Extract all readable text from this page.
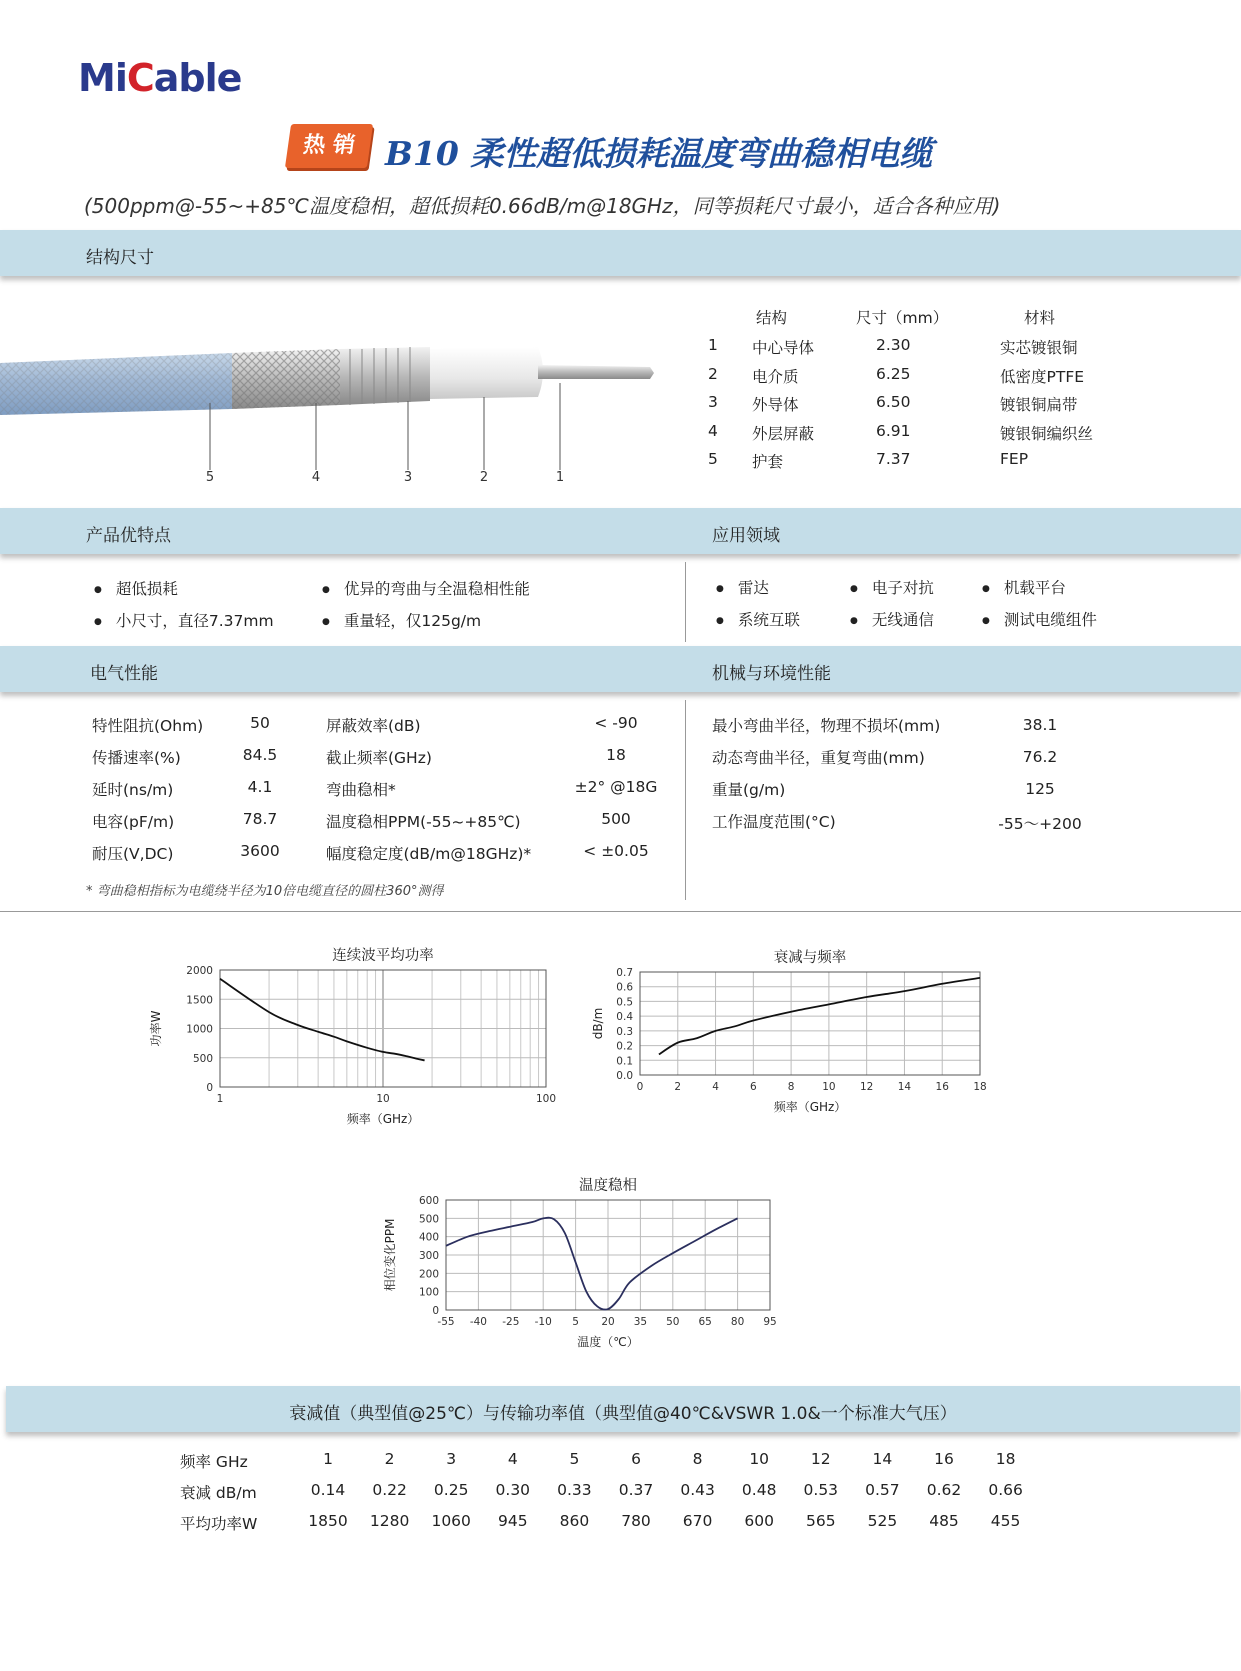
MiCable
热 销 B10 柔性超低损耗温度弯曲稳相电缆
(500ppm@-55~+85℃温度稳相，超低损耗0.66dB/m@18GHz，同等损耗尺寸最小，适合各种应用)
结构尺寸
5	4	3	2	1
结构	尺寸（mm）	材料
1 中心导体	2.30	实芯镀银铜
2 电介质	6.25	低密度PTFE
3 外导体	6.50	镀银铜扁带
4 外层屏蔽	6.91	镀银铜编织丝
5 护套	7.37	FEP
产品优特点	应用领域
● 超低损耗	● 优异的弯曲与全温稳相性能
● 小尺寸，直径7.37mm	● 重量轻，仅125g/m
● 雷达	● 电子对抗	● 机载平台
● 系统互联	● 无线通信	● 测试电缆组件
电气性能	机械与环境性能
特性阻抗(Ohm)	50
传播速率(%)	84.5
延时(ns/m)	4.1
电容(pF/m)	78.7
耐压(V,DC)	3600
屏蔽效率(dB)	< -90
截止频率(GHz)	18
弯曲稳相*	±2° @18G
温度稳相PPM(-55~+85℃)	500
幅度稳定度(dB/m@18GHz)*	< ±0.05
最小弯曲半径，物理不损坏(mm)	38.1
动态弯曲半径，重复弯曲(mm)	76.2
重量(g/m)	125
工作温度范围(°C)	-55～+200
* 弯曲稳相指标为电缆绕半径为10倍电缆直径的圆柱360°测得
1	10	100
0
500
1000
1500
2000
连续波平均功率
频率（GHz）
功率W
0	2	4	6	8	10 12 14 16 18
0.0
0.1
0.2
0.3
0.4
0.5
0.6
0.7
衰减与频率
频率（GHz）
dB/m
-55 -40 -25 -10 5 20 35 50 65 80 95
0
100
200
300
400
500
600
温度稳相
温度（℃）
相位变化PPM
衰减值（典型值@25℃）与传输功率值（典型值@40℃&VSWR 1.0&一个标准大气压）
频率 GHz	1	2	3	4	5	6	8	10	12	14	16	18
衰减 dB/m	0.14	0.22	0.25	0.30	0.33	0.37	0.43	0.48	0.53	0.57	0.62	0.66
平均功率W	1850	1280	1060	945	860	780	670	600	565	525	485	455
